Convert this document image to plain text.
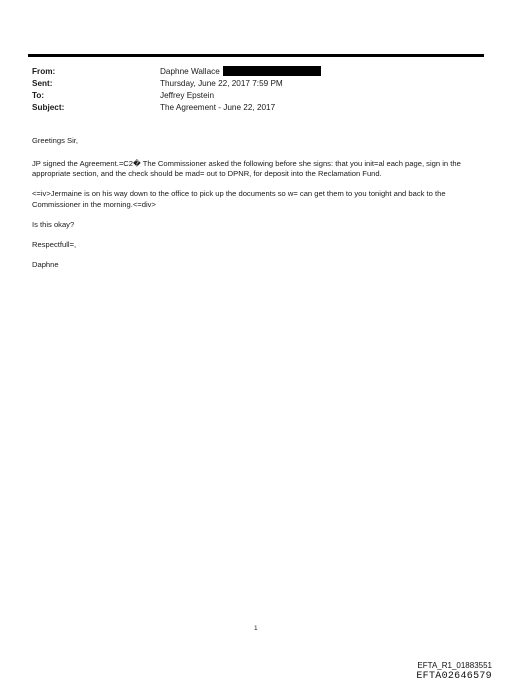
From:	Daphne Wallace
Sent:	Thursday, June 22, 2017 7:59 PM
To:	Jeffrey Epstein
Subject:	The Agreement - June 22, 2017

Greetings Sir,

JP signed the Agreement.=C2� The Commissioner asked the following before she signs: that you init=al each page, sign in the appropriate section, and the check should be mad= out to DPNR, for deposit into the Reclamation Fund.

<=iv>Jermaine is on his way down to the office to pick up the documents so w= can get them to you tonight and back to the Commissioner in the morning.<=div>

Is this okay?

Respectfull=,

Daphne

1
EFTA_R1_01883551
EFTA02646579
